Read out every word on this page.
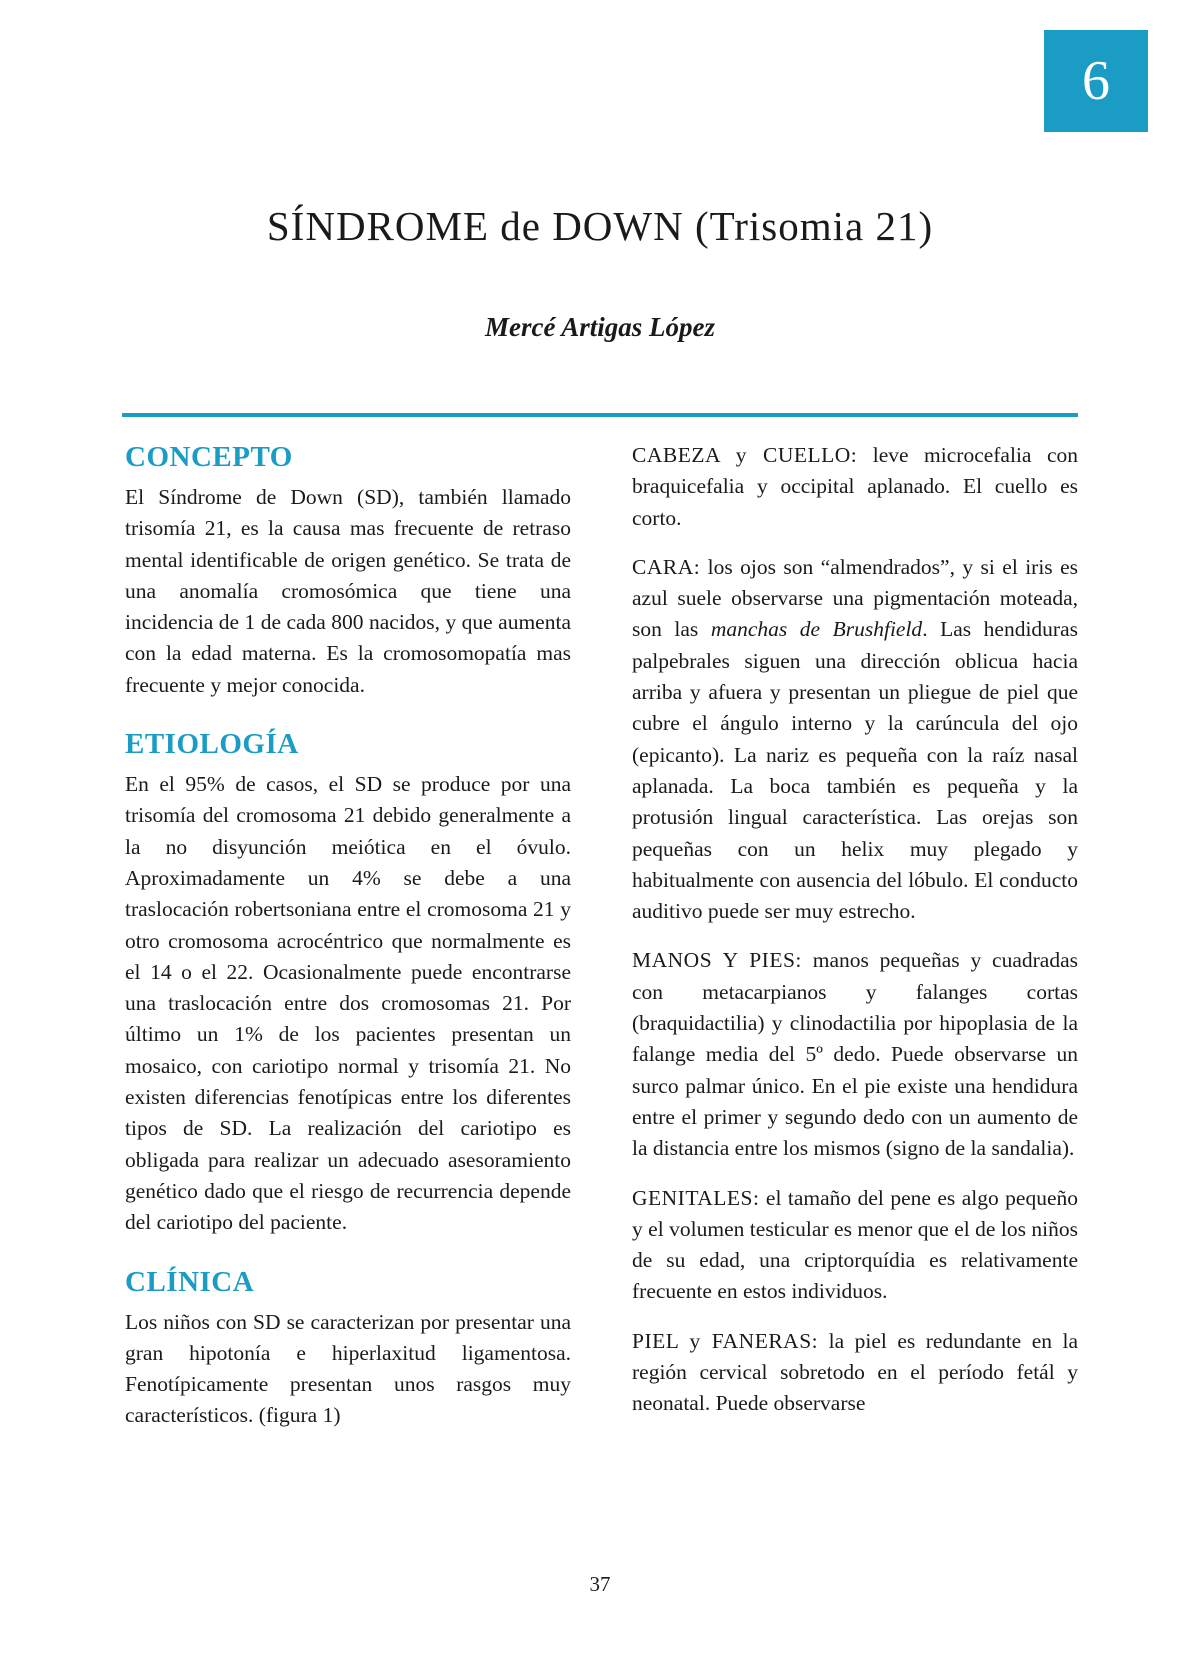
6
SÍNDROME de DOWN (Trisomia 21)

Mercé Artigas López

CONCEPTO

El Síndrome de Down (SD), también llamado trisomía 21, es la causa mas frecuente de retraso mental identificable de origen genético. Se trata de una anomalía cromosómica que tiene una incidencia de 1 de cada 800 nacidos, y que aumenta con la edad materna. Es la cromosomopatía mas frecuente y mejor conocida.

ETIOLOGÍA

En el 95% de casos, el SD se produce por una trisomía del cromosoma 21 debido generalmente a la no disyunción meiótica en el óvulo. Aproximadamente un 4% se debe a una traslocación robertsoniana entre el cromosoma 21 y otro cromosoma acrocéntrico que normalmente es el 14 o el 22. Ocasionalmente puede encontrarse una traslocación entre dos cromosomas 21. Por último un 1% de los pacientes presentan un mosaico, con cariotipo normal y trisomía 21. No existen diferencias fenotípicas entre los diferentes tipos de SD. La realización del cariotipo es obligada para realizar un adecuado asesoramiento genético dado que el riesgo de recurrencia depende del cariotipo del paciente.

CLÍNICA

Los niños con SD se caracterizan por presentar una gran hipotonía e hiperlaxitud ligamentosa. Fenotípicamente presentan unos rasgos muy característicos. (figura 1)

CABEZA y CUELLO: leve microcefalia con braquicefalia y occipital aplanado. El cuello es corto.

CARA: los ojos son “almendrados”, y si el iris es azul suele observarse una pigmentación moteada, son las manchas de Brushfield. Las hendiduras palpebrales siguen una dirección oblicua hacia arriba y afuera y presentan un pliegue de piel que cubre el ángulo interno y la carúncula del ojo (epicanto). La nariz es pequeña con la raíz nasal aplanada. La boca también es pequeña y la protusión lingual característica. Las orejas son pequeñas con un helix muy plegado y habitualmente con ausencia del lóbulo. El conducto auditivo puede ser muy estrecho.

MANOS Y PIES: manos pequeñas y cuadradas con metacarpianos y falanges cortas (braquidactilia) y clinodactilia por hipoplasia de la falange media del 5º dedo. Puede observarse un surco palmar único. En el pie existe una hendidura entre el primer y segundo dedo con un aumento de la distancia entre los mismos (signo de la sandalia).

GENITALES: el tamaño del pene es algo pequeño y el volumen testicular es menor que el de los niños de su edad, una criptorquídia es relativamente frecuente en estos individuos.

PIEL y FANERAS: la piel es redundante en la región cervical sobretodo en el período fetál y neonatal. Puede observarse

37
